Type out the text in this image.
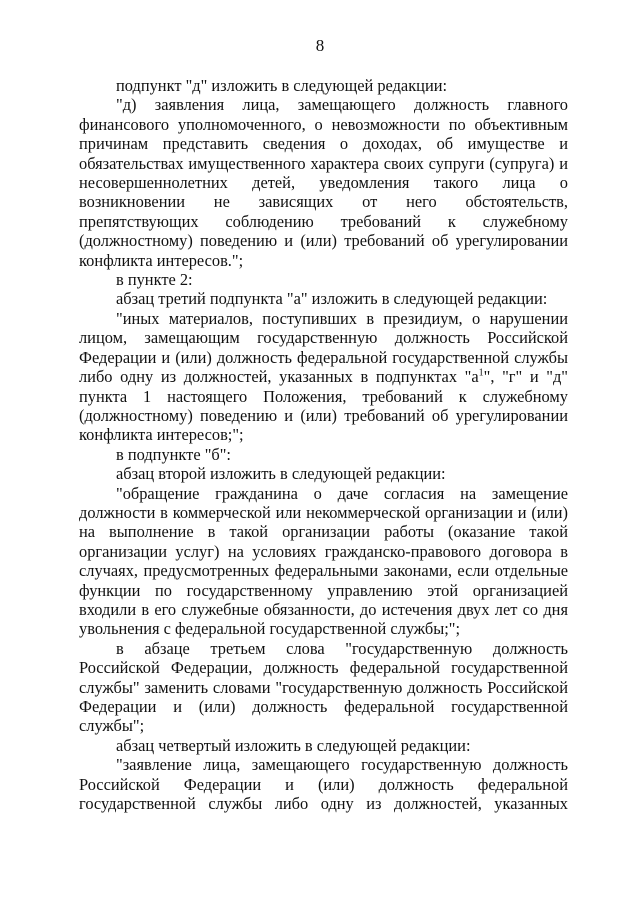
8

подпункт "д" изложить в следующей редакции:

"д) заявления лица, замещающего должность главного финансового уполномоченного, о невозможности по объективным причинам представить сведения о доходах, об имуществе и обязательствах имущественного характера своих супруги (супруга) и несовершеннолетних детей, уведомления такого лица о возникновении не зависящих от него обстоятельств, препятствующих соблюдению требований к служебному (должностному) поведению и (или) требований об урегулировании конфликта интересов.";

в пункте 2:

абзац третий подпункта "а" изложить в следующей редакции:

"иных материалов, поступивших в президиум, о нарушении лицом, замещающим государственную должность Российской Федерации и (или) должность федеральной государственной службы либо одну из должностей, указанных в подпунктах "$а^1$", "г" и "д" пункта 1 настоящего Положения, требований к служебному (должностному) поведению и (или) требований об урегулировании конфликта интересов;";

в подпункте "б":

абзац второй изложить в следующей редакции:

"обращение гражданина о даче согласия на замещение должности в коммерческой или некоммерческой организации и (или) на выполнение в такой организации работы (оказание такой организации услуг) на условиях гражданско-правового договора в случаях, предусмотренных федеральными законами, если отдельные функции по государственному управлению этой организацией входили в его служебные обязанности, до истечения двух лет со дня увольнения с федеральной государственной службы;";

в абзаце третьем слова "государственную должность Российской Федерации, должность федеральной государственной службы" заменить словами "государственную должность Российской Федерации и (или) должность федеральной государственной службы";

абзац четвертый изложить в следующей редакции:

"заявление лица, замещающего государственную должность Российской Федерации и (или) должность федеральной государственной службы либо одну из должностей, указанных
